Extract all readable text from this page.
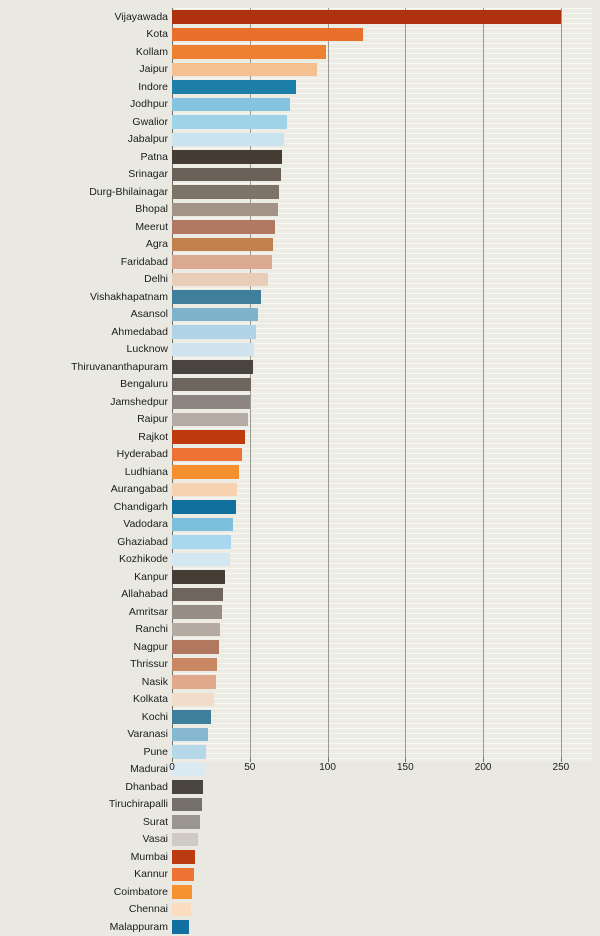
Vijayawada
Kota
Kollam
Jaipur
Indore
Jodhpur
Gwalior
Jabalpur
Patna
Srinagar
Durg-Bhilainagar
Bhopal
Meerut
Agra
Faridabad
Delhi
Vishakhapatnam
Asansol
Ahmedabad
Lucknow
Thiruvananthapuram
Bengaluru
Jamshedpur
Raipur
Rajkot
Hyderabad
Ludhiana
Aurangabad
Chandigarh
Vadodara
Ghaziabad
Kozhikode
Kanpur
Allahabad
Amritsar
Ranchi
Nagpur
Thrissur
Nasik
Kolkata
Kochi
Varanasi
Pune
Madurai
Dhanbad
Tiruchirapalli
Surat
Vasai
Mumbai
Kannur
Coimbatore
Chennai
Malappuram
0	50	100	150	200	250
